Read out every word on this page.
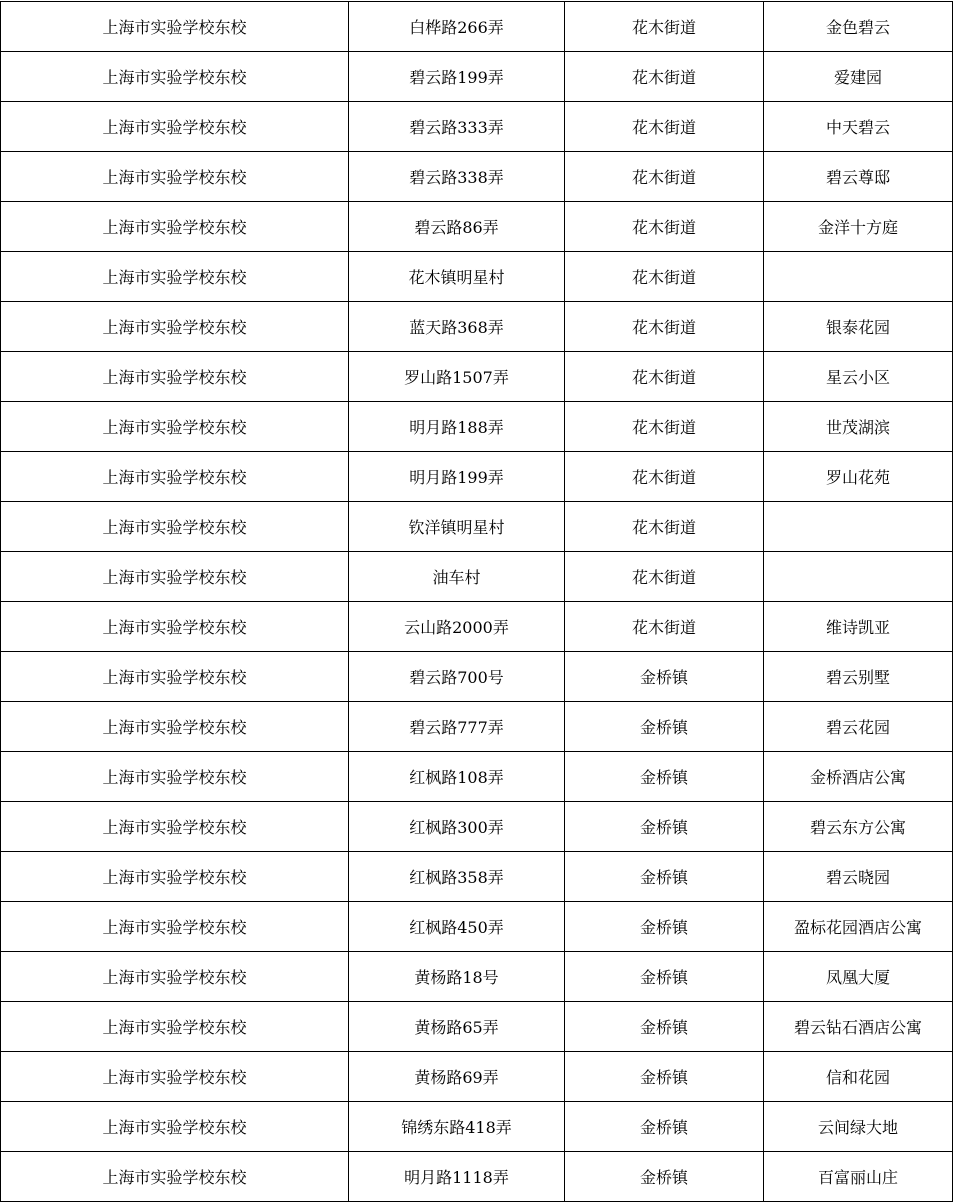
上海市实验学校东校	白桦路266弄	花木街道	金色碧云
上海市实验学校东校	碧云路199弄	花木街道	爱建园
上海市实验学校东校	碧云路333弄	花木街道	中天碧云
上海市实验学校东校	碧云路338弄	花木街道	碧云尊邸
上海市实验学校东校	碧云路86弄	花木街道	金洋十方庭
上海市实验学校东校	花木镇明星村	花木街道	
上海市实验学校东校	蓝天路368弄	花木街道	银泰花园
上海市实验学校东校	罗山路1507弄	花木街道	星云小区
上海市实验学校东校	明月路188弄	花木街道	世茂湖滨
上海市实验学校东校	明月路199弄	花木街道	罗山花苑
上海市实验学校东校	钦洋镇明星村	花木街道	
上海市实验学校东校	油车村	花木街道	
上海市实验学校东校	云山路2000弄	花木街道	维诗凯亚
上海市实验学校东校	碧云路700号	金桥镇	碧云别墅
上海市实验学校东校	碧云路777弄	金桥镇	碧云花园
上海市实验学校东校	红枫路108弄	金桥镇	金桥酒店公寓
上海市实验学校东校	红枫路300弄	金桥镇	碧云东方公寓
上海市实验学校东校	红枫路358弄	金桥镇	碧云晓园
上海市实验学校东校	红枫路450弄	金桥镇	盈标花园酒店公寓
上海市实验学校东校	黄杨路18号	金桥镇	凤凰大厦
上海市实验学校东校	黄杨路65弄	金桥镇	碧云钻石酒店公寓
上海市实验学校东校	黄杨路69弄	金桥镇	信和花园
上海市实验学校东校	锦绣东路418弄	金桥镇	云间绿大地
上海市实验学校东校	明月路1118弄	金桥镇	百富丽山庄
